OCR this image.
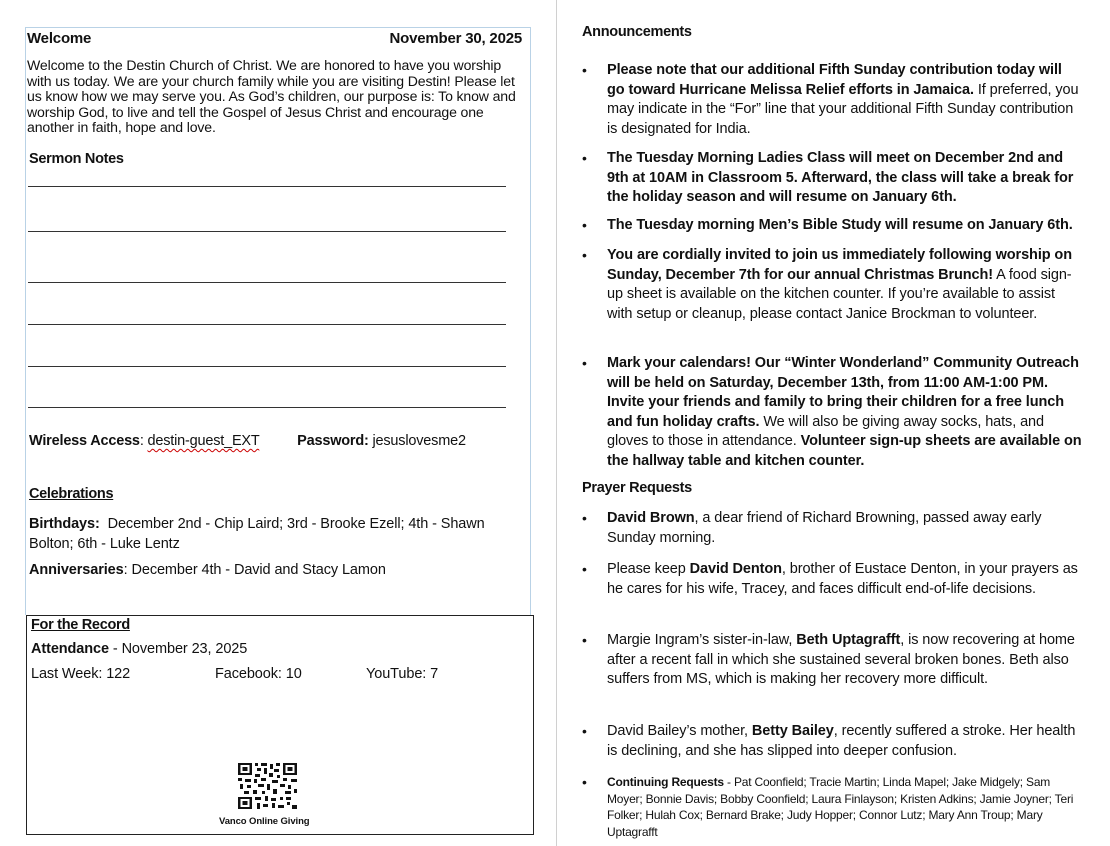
Welcome	November 30, 2025
Welcome to the Destin Church of Christ. We are honored to have you worship with us today. We are your church family while you are visiting Destin! Please let us know how we may serve you. As God’s children, our purpose is: To know and worship God, to live and tell the Gospel of Jesus Christ and encourage one another in faith, hope and love.
Sermon Notes
Wireless Access: destin-guest_EXT	Password: jesuslovesme2
Celebrations
Birthdays: December 2nd - Chip Laird; 3rd - Brooke Ezell; 4th - Shawn Bolton; 6th - Luke Lentz
Anniversaries: December 4th - David and Stacy Lamon
For the Record
Attendance - November 23, 2025
Last Week: 122	Facebook: 10	YouTube: 7
Vanco Online Giving
Announcements
• Please note that our additional Fifth Sunday contribution today will go toward Hurricane Melissa Relief efforts in Jamaica. If preferred, you may indicate in the “For” line that your additional Fifth Sunday contribution is designated for India.
• The Tuesday Morning Ladies Class will meet on December 2nd and 9th at 10AM in Classroom 5. Afterward, the class will take a break for the holiday season and will resume on January 6th.
• The Tuesday morning Men’s Bible Study will resume on January 6th.
• You are cordially invited to join us immediately following worship on Sunday, December 7th for our annual Christmas Brunch! A food sign-up sheet is available on the kitchen counter. If you’re available to assist with setup or cleanup, please contact Janice Brockman to volunteer.
• Mark your calendars! Our “Winter Wonderland” Community Outreach will be held on Saturday, December 13th, from 11:00 AM-1:00 PM. Invite your friends and family to bring their children for a free lunch and fun holiday crafts. We will also be giving away socks, hats, and gloves to those in attendance. Volunteer sign-up sheets are available on the hallway table and kitchen counter.
Prayer Requests
• David Brown, a dear friend of Richard Browning, passed away early Sunday morning.
• Please keep David Denton, brother of Eustace Denton, in your prayers as he cares for his wife, Tracey, and faces difficult end-of-life decisions.
• Margie Ingram’s sister-in-law, Beth Uptagrafft, is now recovering at home after a recent fall in which she sustained several broken bones. Beth also suffers from MS, which is making her recovery more difficult.
• David Bailey’s mother, Betty Bailey, recently suffered a stroke. Her health is declining, and she has slipped into deeper confusion.
• Continuing Requests - Pat Coonfield; Tracie Martin; Linda Mapel; Jake Midgely; Sam Moyer; Bonnie Davis; Bobby Coonfield; Laura Finlayson; Kristen Adkins; Jamie Joyner; Teri Folker; Hulah Cox; Bernard Brake; Judy Hopper; Connor Lutz; Mary Ann Troup; Mary Uptagrafft
